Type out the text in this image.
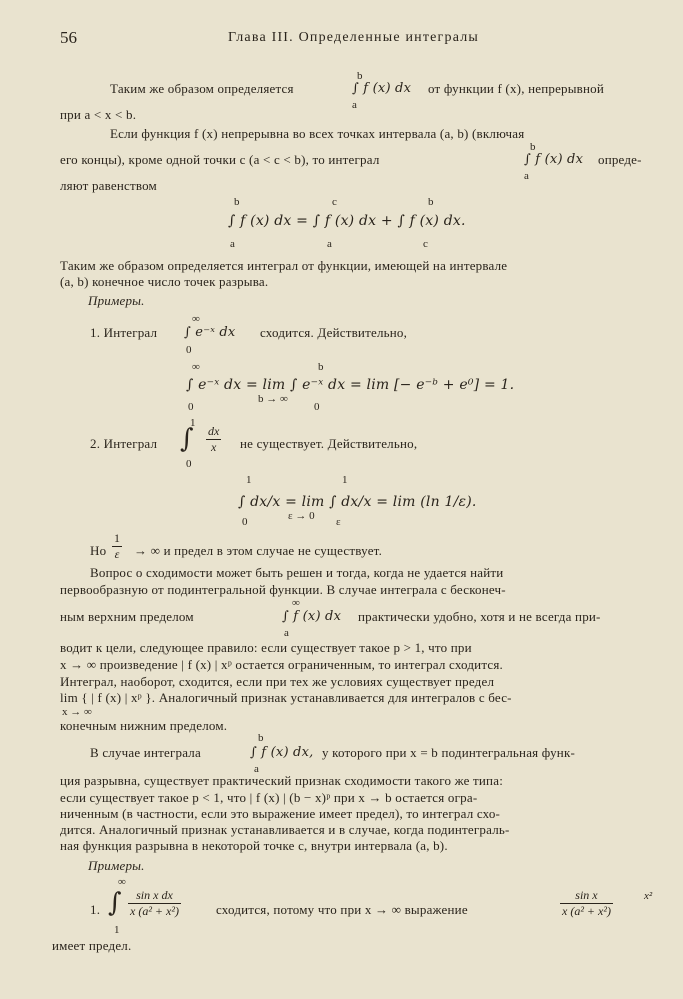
56	Глава III. Определенные интегралы
b
Таким же образом определяется	∫ f (x) dx от функции f (x), непрерывной
a
при a < x < b.
Если функция f (x) непрерывна во всех точках интервала (a, b) (включая
b
его концы), кроме одной точки c (a < c < b), то интеграл	∫ f (x) dx опреде-
a
ляют равенством
b	c	b
∫ f (x) dx = ∫ f (x) dx + ∫ f (x) dx.
a	a	c
Таким же образом определяется интеграл от функции, имеющей на интервале
(a, b) конечное число точек разрыва.
Примеры.
∞
1. Интеграл ∫ e⁻ˣ dx сходится. Действительно,
0
∞	b
∫ e⁻ˣ dx = lim ∫ e⁻ˣ dx = lim [− e⁻ᵇ + e⁰] = 1.
0
b → ∞
0
1
2. Интеграл ∫ $\frac{dx}{x}$ не существует. Действительно,
0
1	1
∫ dx/x = lim ∫ dx/x = lim (ln 1/ε).
0	ε → 0 ε
Но $\frac{1}{\varepsilon}$ → ∞ и предел в этом случае не существует.
Вопрос о сходимости может быть решен и тогда, когда не удается найти
первообразную от подинтегральной функции. В случае интеграла с бесконеч-
∞
ным верхним пределом	∫ f (x) dx практически удобно, хотя и не всегда при-
a
водит к цели, следующее правило: если существует такое p > 1, что при
x → ∞ произведение | f (x) | xᵖ остается ограниченным, то интеграл сходится.
Интеграл, наоборот, сходится, если при тех же условиях существует предел
lim { | f (x) | xᵖ }. Аналогичный признак устанавливается для интегралов с бес-
x → ∞
конечным нижним пределом.
b
В случае интеграла	∫ f (x) dx, у которого при x = b подинтегральная функ-
a
ция разрывна, существует практический признак сходимости такого же типа:
если существует такое p < 1, что | f (x) | (b − x)ᵖ при x → b остается огра-
ниченным (в частности, если это выражение имеет предел), то интеграл схо-
дится. Аналогичный признак устанавливается и в случае, когда подинтеграль-
ная функция разрывна в некоторой точке c, внутри интервала (a, b).
Примеры.
∞
1. ∫ $\frac{\text{sin x dx}}{\text{x (a² + x²)}}$	сходится, потому что при x → ∞ выражение	$\frac{\text{sin x}}{\text{x (a² + x²)}}$	x²
1
имеет предел.
